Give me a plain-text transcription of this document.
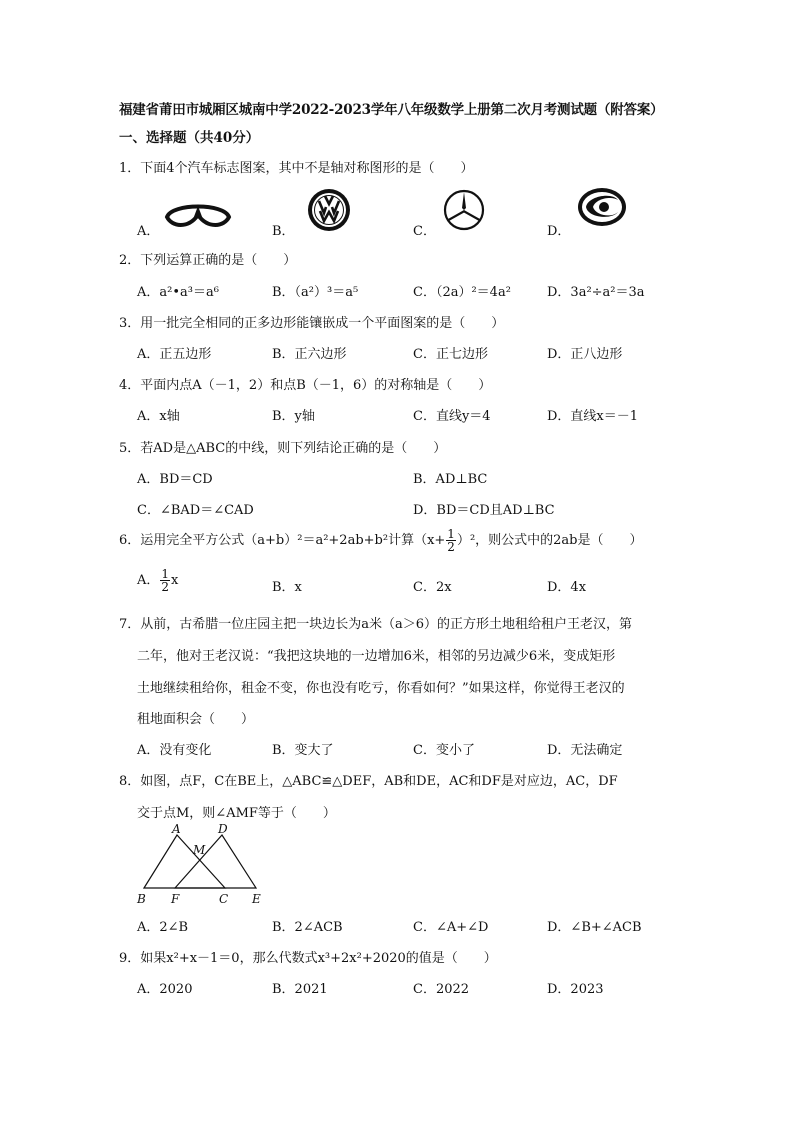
福建省莆田市城厢区城南中学2022-2023学年八年级数学上册第二次月考测试题（附答案）
一、选择题（共40分）
1．下面4个汽车标志图案，其中不是轴对称图形的是（　　）
A．	B．	C．	D．
2．下列运算正确的是（　　）
A．a²•a³＝a⁶	B．（a²）³＝a⁵	C．（2a）²＝4a²	D．3a²÷a²＝3a
3．用一批完全相同的正多边形能镶嵌成一个平面图案的是（　　）
A．正五边形	B．正六边形	C．正七边形	D．正八边形
4．平面内点A（－1，2）和点B（－1，6）的对称轴是（　　）
A．x轴	B．y轴	C．直线y＝4	D．直线x＝－1
5．若AD是△ABC的中线，则下列结论正确的是（　　）
A．BD＝CD	B．AD⊥BC
C．∠BAD＝∠CAD	D．BD＝CD且AD⊥BC
6．运用完全平方公式（a+b）²＝a²+2ab+b²计算$(x+ \frac{1}{2} )^2$，则公式中的2ab是（　　）
A． $\frac{1}{2}$ x	B．x	C．2x	D．4x
7．从前，古希腊一位庄园主把一块边长为a米（a＞6）的正方形土地租给租户王老汉，第
二年，他对王老汉说：“我把这块地的一边增加6米，相邻的另边减少6米，变成矩形
土地继续租给你，租金不变，你也没有吃亏，你看如何？”如果这样，你觉得王老汉的
租地面积会（　　）
A．没有变化	B．变大了	C．变小了	D．无法确定
8．如图，点F，C在BE上，△ABC≌△DEF，AB和DE，AC和DF是对应边，AC，DF
交于点M，则∠AMF等于（　　）
A	D
M
B F	C E
A．2∠B	B．2∠ACB	C．∠A+∠D	D．∠B+∠ACB
9．如果x²+x－1＝0，那么代数式x³+2x²+2020的值是（　　）
A．2020	B．2021	C．2022	D．2023
